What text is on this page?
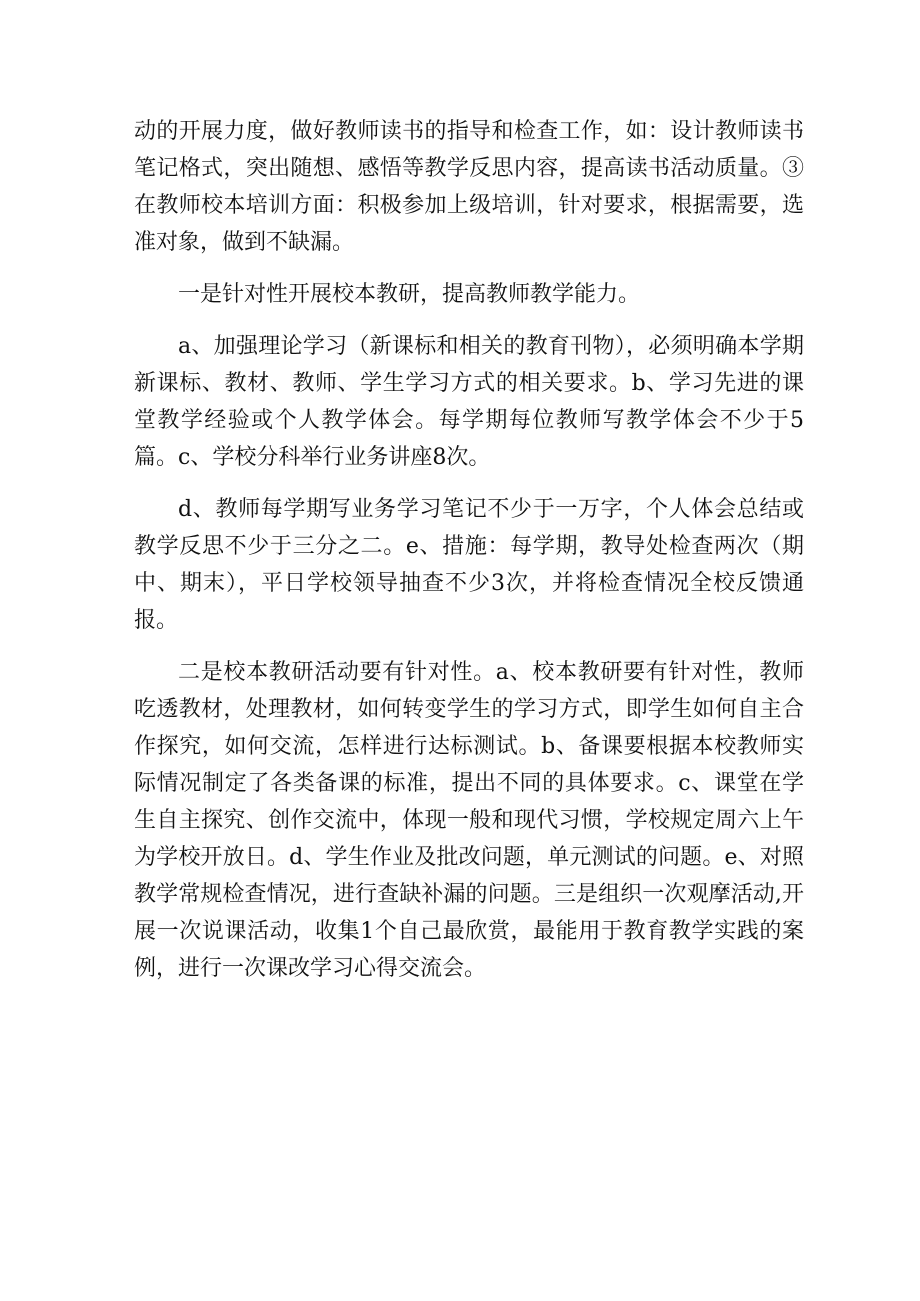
动的开展力度，做好教师读书的指导和检查工作，如：设计教师读书笔记格式，突出随想、感悟等教学反思内容，提高读书活动质量。③在教师校本培训方面：积极参加上级培训，针对要求，根据需要，选准对象，做到不缺漏。

一是针对性开展校本教研，提高教师教学能力。

a、加强理论学习（新课标和相关的教育刊物），必须明确本学期新课标、教材、教师、学生学习方式的相关要求。b、学习先进的课堂教学经验或个人教学体会。每学期每位教师写教学体会不少于5篇。c、学校分科举行业务讲座8次。

d、教师每学期写业务学习笔记不少于一万字，个人体会总结或教学反思不少于三分之二。e、措施：每学期，教导处检查两次（期中、期末），平日学校领导抽查不少3次，并将检查情况全校反馈通报。

二是校本教研活动要有针对性。a、校本教研要有针对性，教师吃透教材，处理教材，如何转变学生的学习方式，即学生如何自主合作探究，如何交流，怎样进行达标测试。b、备课要根据本校教师实际情况制定了各类备课的标准，提出不同的具体要求。c、课堂在学生自主探究、创作交流中，体现一般和现代习惯，学校规定周六上午为学校开放日。d、学生作业及批改问题，单元测试的问题。e、对照教学常规检查情况，进行查缺补漏的问题。三是组织一次观摩活动,开展一次说课活动，收集1个自己最欣赏，最能用于教育教学实践的案例，进行一次课改学习心得交流会。
